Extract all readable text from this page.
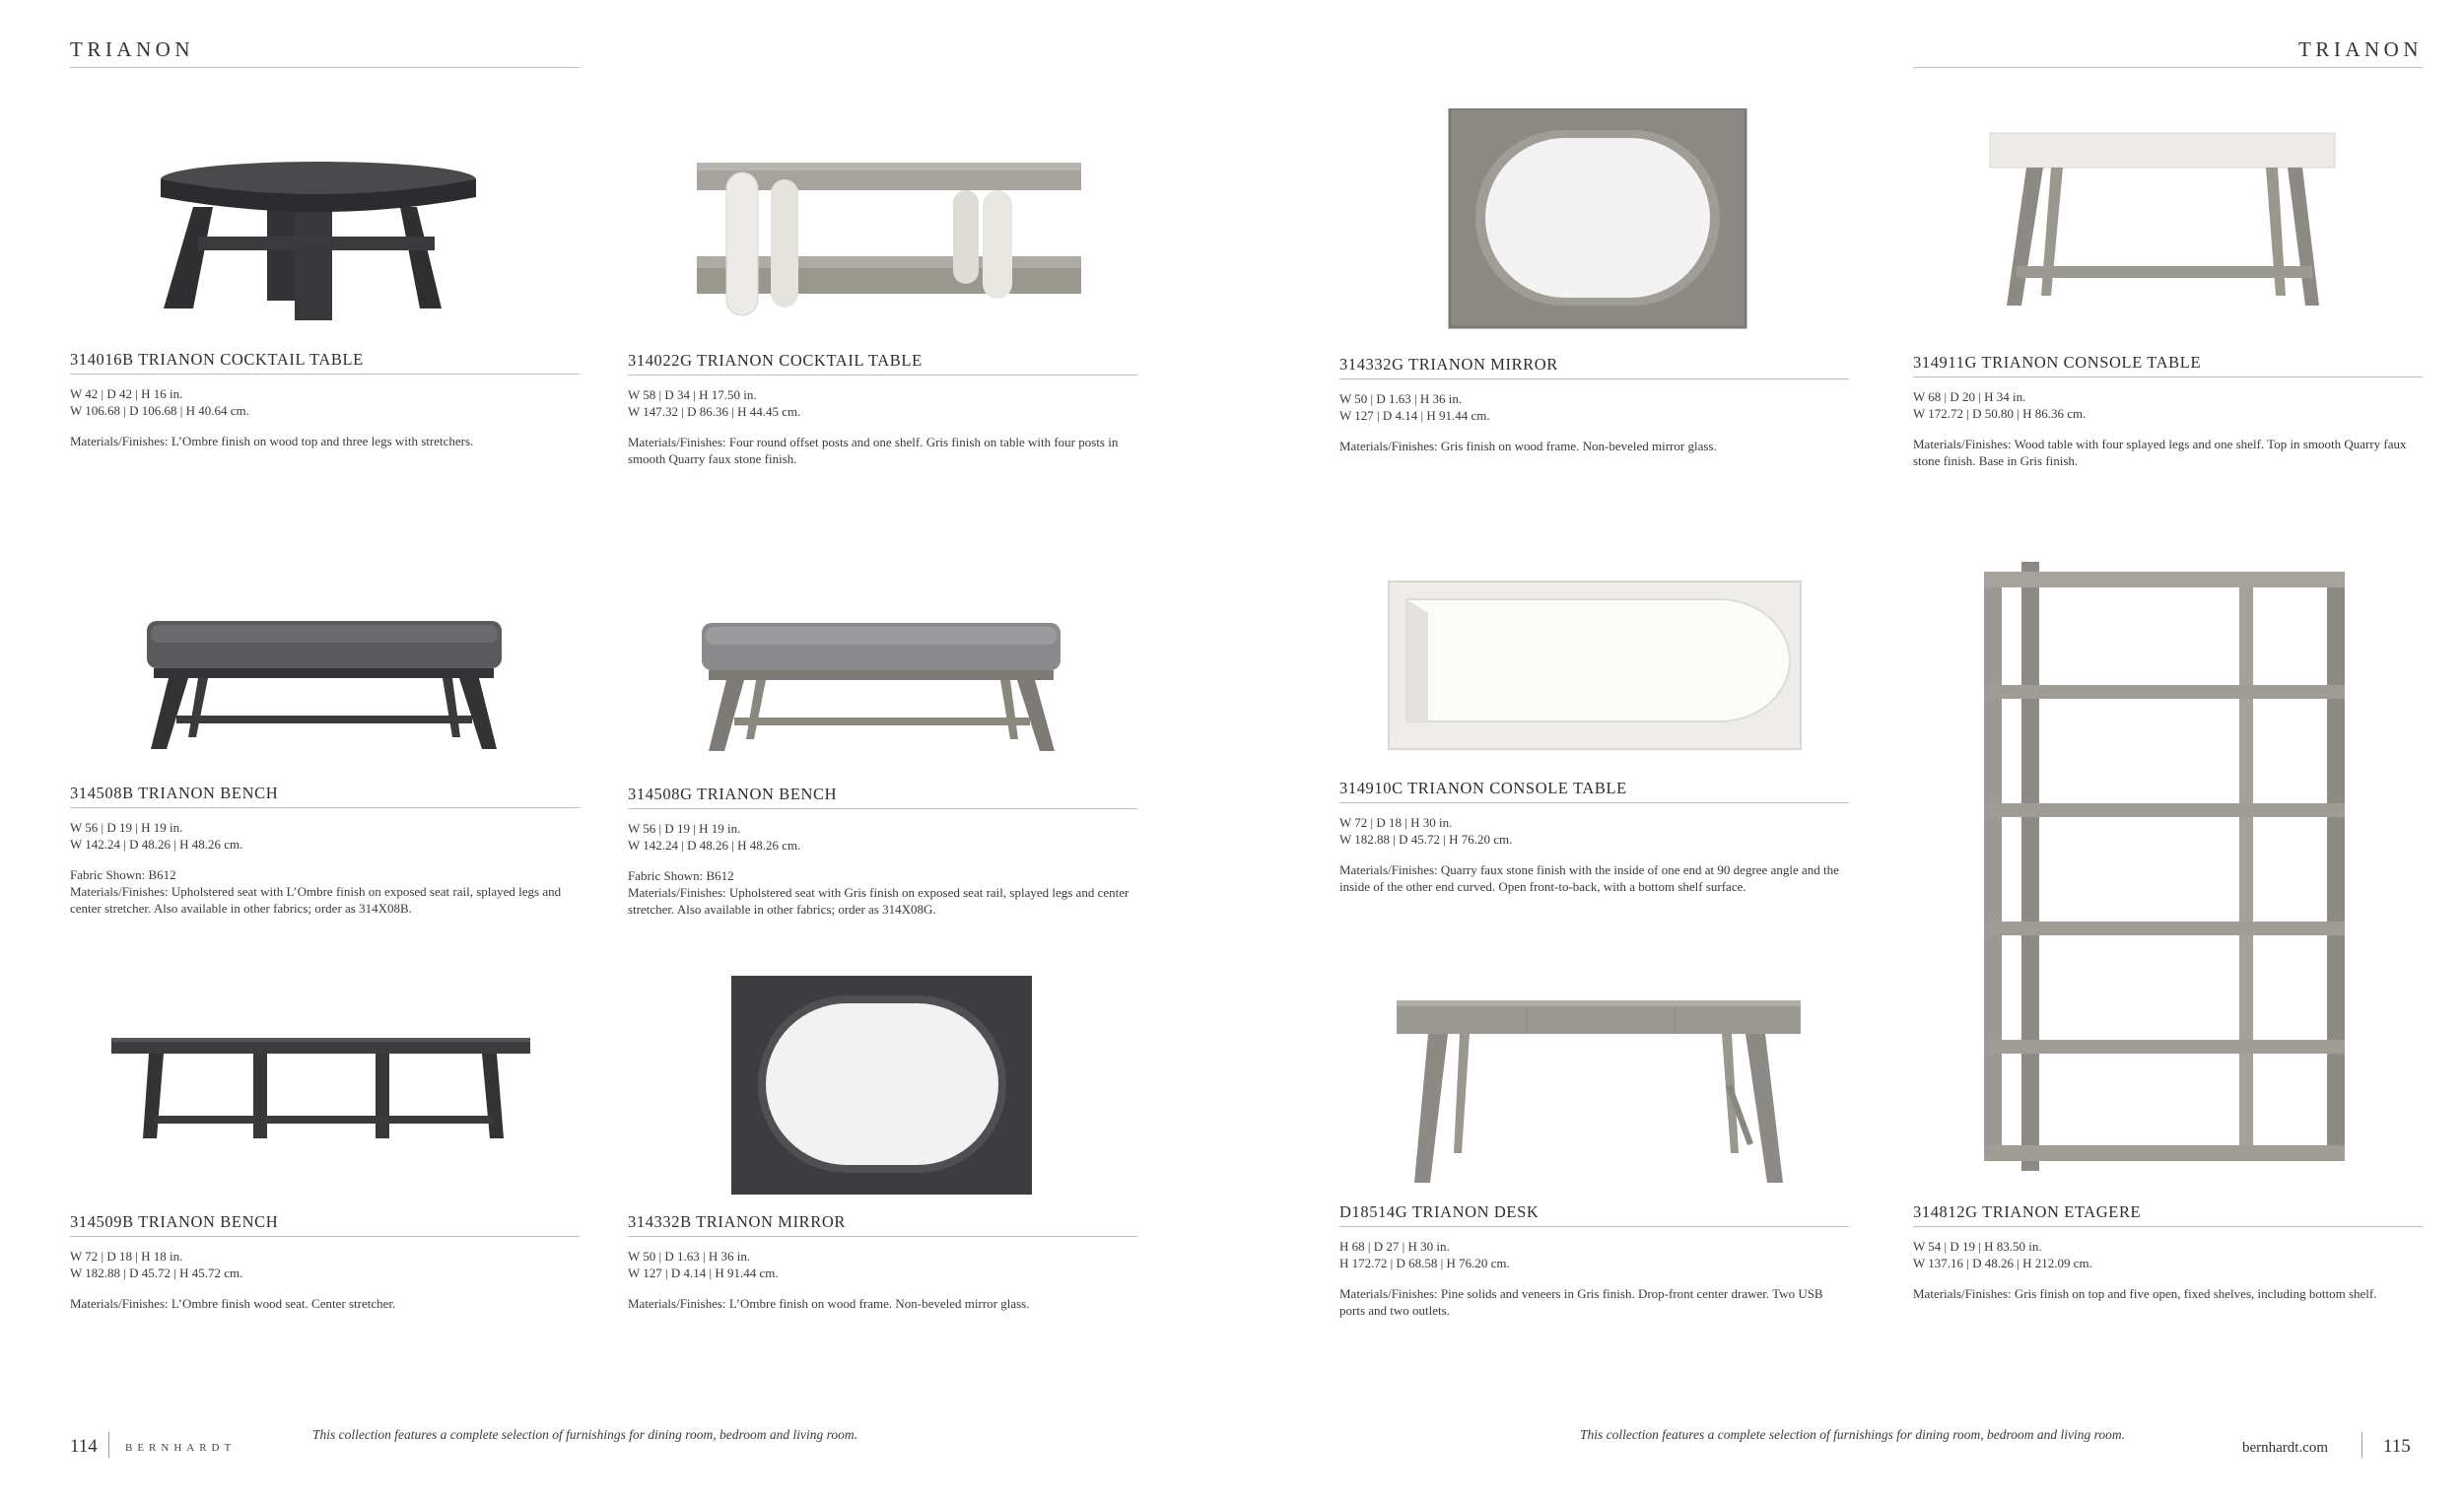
TRIANON	TRIANON
314016B TRIANON COCKTAIL TABLE
W 42 | D 42 | H 16 in.
W 106.68 | D 106.68 | H 40.64 cm.
Materials/Finishes: L’Ombre finish on wood top and three legs with stretchers.
314022G TRIANON COCKTAIL TABLE
W 58 | D 34 | H 17.50 in.
W 147.32 | D 86.36 | H 44.45 cm.
Materials/Finishes: Four round offset posts and one shelf. Gris finish on table with four posts in smooth Quarry faux stone finish.
314332G TRIANON MIRROR
W 50 | D 1.63 | H 36 in.
W 127 | D 4.14 | H 91.44 cm.
Materials/Finishes: Gris finish on wood frame. Non-beveled mirror glass.
314911G TRIANON CONSOLE TABLE
W 68 | D 20 | H 34 in.
W 172.72 | D 50.80 | H 86.36 cm.
Materials/Finishes: Wood table with four splayed legs and one shelf. Top in smooth Quarry faux stone finish. Base in Gris finish.
314508B TRIANON BENCH
W 56 | D 19 | H 19 in.
W 142.24 | D 48.26 | H 48.26 cm.
Fabric Shown: B612
Materials/Finishes: Upholstered seat with L’Ombre finish on exposed seat rail, splayed legs and center stretcher. Also available in other fabrics; order as 314X08B.
314508G TRIANON BENCH
W 56 | D 19 | H 19 in.
W 142.24 | D 48.26 | H 48.26 cm.
Fabric Shown: B612
Materials/Finishes: Upholstered seat with Gris finish on exposed seat rail, splayed legs and center stretcher. Also available in other fabrics; order as 314X08G.
314910C TRIANON CONSOLE TABLE
W 72 | D 18 | H 30 in.
W 182.88 | D 45.72 | H 76.20 cm.
Materials/Finishes: Quarry faux stone finish with the inside of one end at 90 degree angle and the inside of the other end curved. Open front-to-back, with a bottom shelf surface.
314509B TRIANON BENCH
W 72 | D 18 | H 18 in.
W 182.88 | D 45.72 | H 45.72 cm.
Materials/Finishes: L’Ombre finish wood seat. Center stretcher.
314332B TRIANON MIRROR
W 50 | D 1.63 | H 36 in.
W 127 | D 4.14 | H 91.44 cm.
Materials/Finishes: L’Ombre finish on wood frame. Non-beveled mirror glass.
D18514G TRIANON DESK
H 68 | D 27 | H 30 in.
H 172.72 | D 68.58 | H 76.20 cm.
Materials/Finishes: Pine solids and veneers in Gris finish. Drop-front center drawer. Two USB ports and two outlets.
314812G TRIANON ETAGERE
W 54 | D 19 | H 83.50 in.
W 137.16 | D 48.26 | H 212.09 cm.
Materials/Finishes: Gris finish on top and five open, fixed shelves, including bottom shelf.
This collection features a complete selection of furnishings for dining room, bedroom and living room.	This collection features a complete selection of furnishings for dining room, bedroom and living room.
114	BERNHARDT	bernhardt.com	115
